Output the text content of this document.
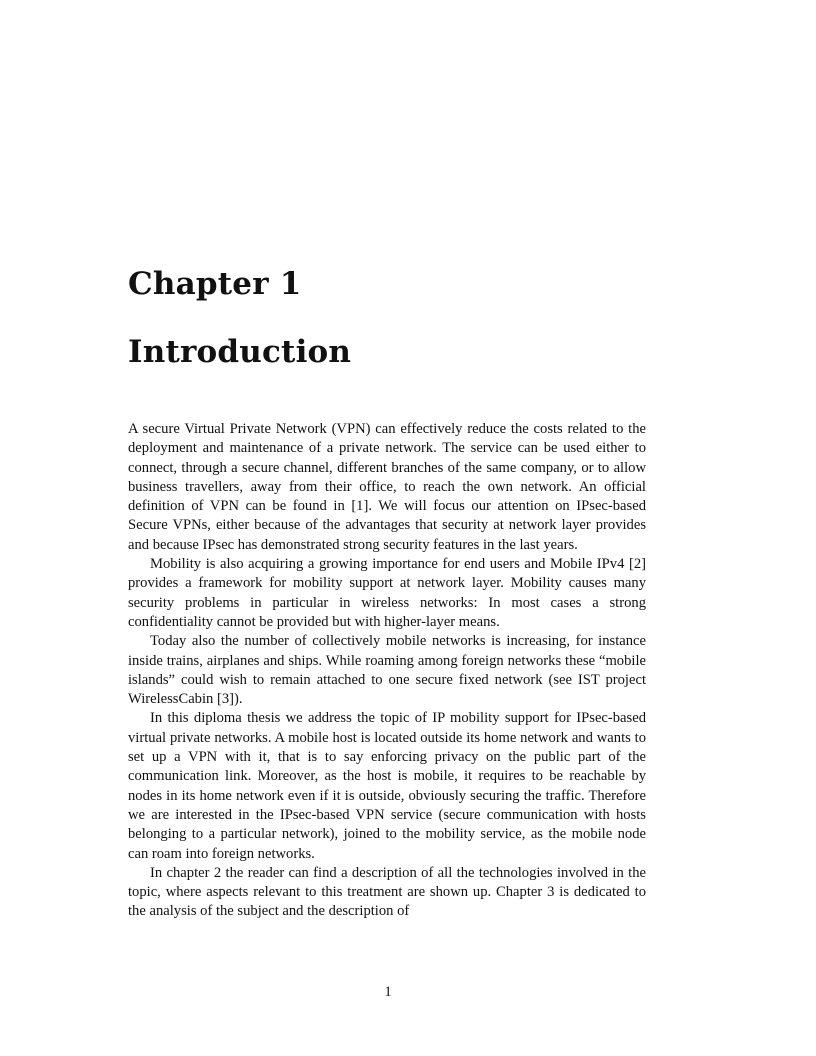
Chapter 1
Introduction

A secure Virtual Private Network (VPN) can effectively reduce the costs related to the deployment and maintenance of a private network. The service can be used either to connect, through a secure channel, different branches of the same company, or to allow business travellers, away from their office, to reach the own network. An official definition of VPN can be found in [1]. We will focus our attention on IPsec-based Secure VPNs, either because of the advantages that security at network layer provides and because IPsec has demonstrated strong security features in the last years.

Mobility is also acquiring a growing importance for end users and Mobile IPv4 [2] provides a framework for mobility support at network layer. Mobility causes many security problems in particular in wireless networks: In most cases a strong confidentiality cannot be provided but with higher-layer means.

Today also the number of collectively mobile networks is increasing, for instance inside trains, airplanes and ships. While roaming among foreign networks these “mobile islands” could wish to remain attached to one secure fixed network (see IST project WirelessCabin [3]).

In this diploma thesis we address the topic of IP mobility support for IPsec-based virtual private networks. A mobile host is located outside its home network and wants to set up a VPN with it, that is to say enforcing privacy on the public part of the communication link. Moreover, as the host is mobile, it requires to be reachable by nodes in its home network even if it is outside, obviously securing the traffic. Therefore we are interested in the IPsec-based VPN service (secure communication with hosts belonging to a particular network), joined to the mobility service, as the mobile node can roam into foreign networks.

In chapter 2 the reader can find a description of all the technologies involved in the topic, where aspects relevant to this treatment are shown up. Chapter 3 is dedicated to the analysis of the subject and the description of

1
